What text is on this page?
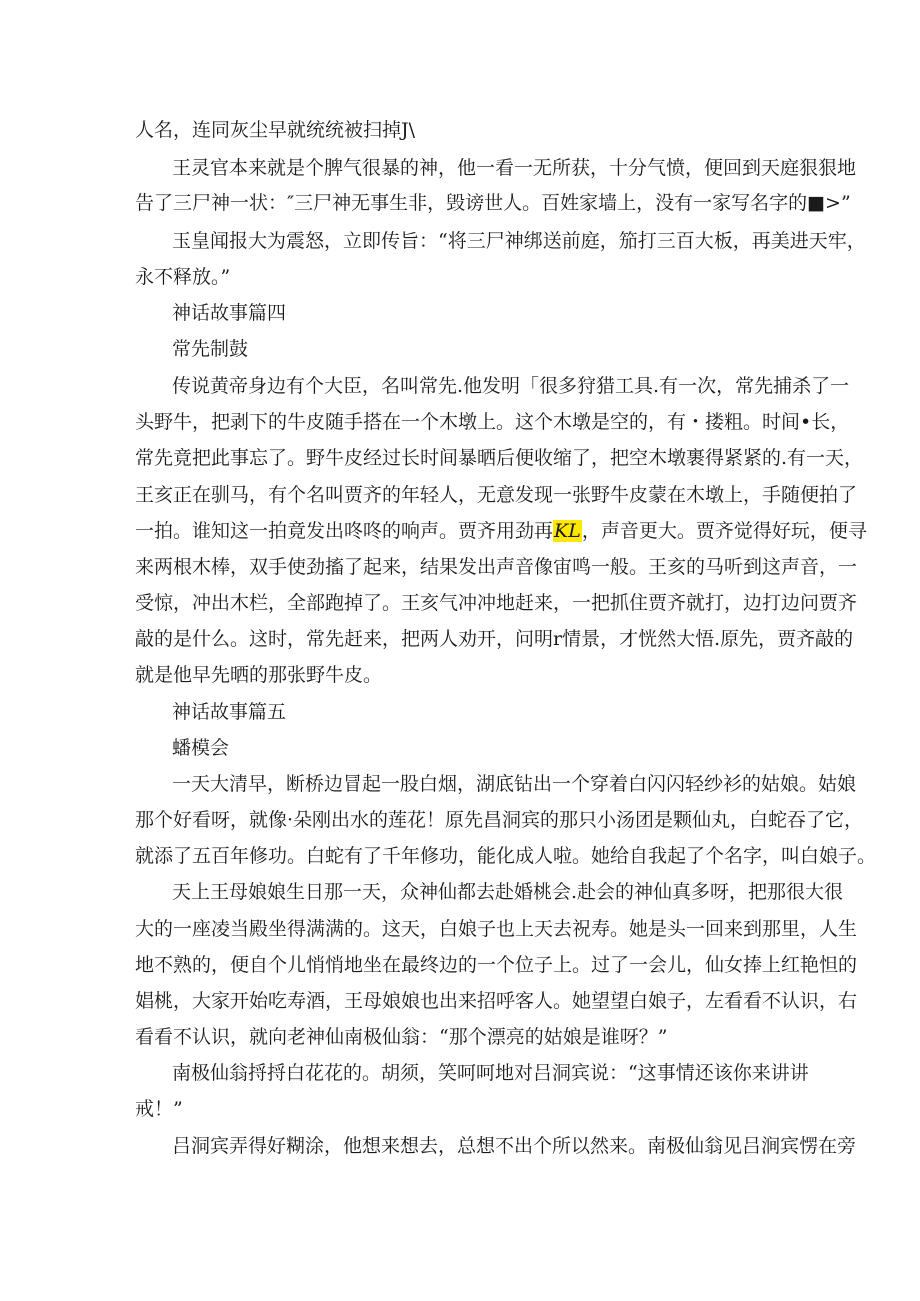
人名，连同灰尘早就统统被扫掉J\
王灵官本来就是个脾气很暴的神，他一看一无所获，十分气愤，便回到天庭狠狠地
告了三尸神一状：″三尸神无事生非，毁谤世人。百姓家墙上，没有一家写名字的■>”
玉皇闻报大为震怒，立即传旨：“将三尸神绑送前庭，笳打三百大板，再美进天牢，
永不释放。”
神话故事篇四
常先制鼓
传说黄帝身边有个大臣，名叫常先.他发明「很多狩猎工具.有一次，常先捕杀了一
头野牛，把剥下的牛皮随手搭在一个木墩上。这个木墩是空的，有・搂粗。时间•长，
常先竟把此事忘了。野牛皮经过长时间暴晒后便收缩了，把空木墩裹得紧紧的.有一天，
王亥正在驯马，有个名叫贾齐的年轻人，无意发现一张野牛皮蒙在木墩上，手随便拍了
一拍。谁知这一拍竟发出咚咚的响声。贾齐用劲再KL，声音更大。贾齐觉得好玩，便寻
来两根木棒，双手使劲搐了起来，结果发出声音像宙鸣一般。王亥的马听到这声音，一
受惊，冲出木栏，全部跑掉了。王亥气冲冲地赶来，一把抓住贾齐就打，边打边问贾齐
敲的是什么。这时，常先赶来，把两人劝开，问明r情景，才恍然大悟.原先，贾齐敲的
就是他早先晒的那张野牛皮。
神话故事篇五
蟠模会
一天大清早，断桥边冒起一股白烟，湖底钻出一个穿着白闪闪轻纱衫的姑娘。姑娘
那个好看呀，就像·朵刚出水的莲花！原先昌洞宾的那只小汤团是颗仙丸，白蛇吞了它，
就添了五百年修功。白蛇有了千年修功，能化成人啦。她给自我起了个名字，叫白娘子。
天上王母娘娘生日那一天，众神仙都去赴婚桃会.赴会的神仙真多呀，把那很大很
大的一座凌当殿坐得满满的。这天，白娘子也上天去祝寿。她是头一回来到那里，人生
地不熟的，便自个儿悄悄地坐在最终边的一个位子上。过了一会儿，仙女捧上红艳怛的
娼桃，大家开始吃寿酒，王母娘娘也出来招呼客人。她望望白娘子，左看看不认识，右
看看不认识，就向老神仙南极仙翁：“那个漂亮的姑娘是谁呀？”
南极仙翁捋捋白花花的。胡须，笑呵呵地对吕洞宾说：“这事情还该你来讲讲
戒！”
吕洞宾弄得好糊涂，他想来想去，总想不出个所以然来。南极仙翁见吕涧宾愣在旁
